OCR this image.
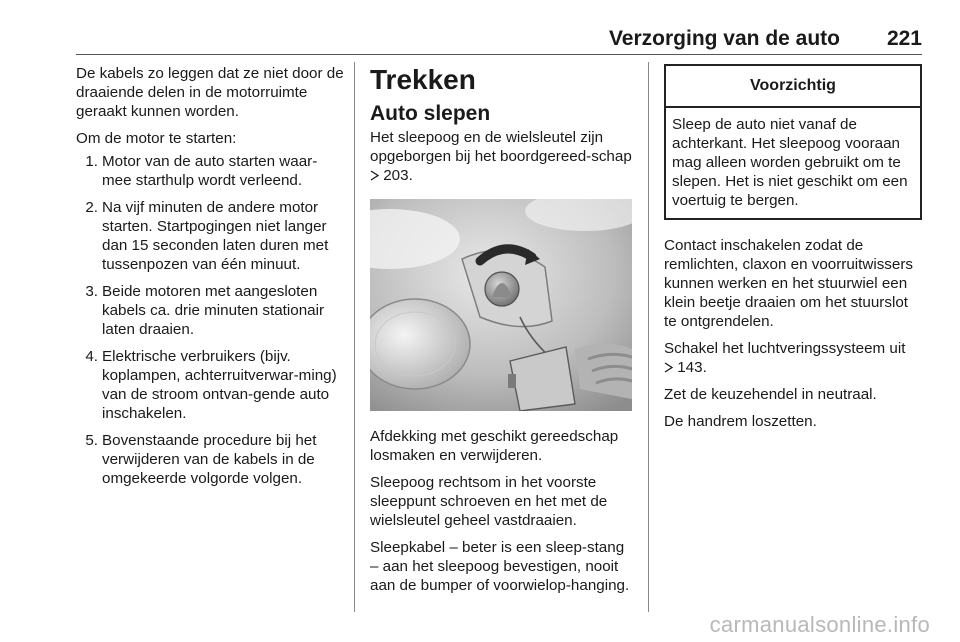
Verzorging van de auto 221

De kabels zo leggen dat ze niet door de draaiende delen in de motorruimte geraakt kunnen worden.

Om de motor te starten:

1. Motor van de auto starten waar-mee starthulp wordt verleend.
2. Na vijf minuten de andere motor starten. Startpogingen niet langer dan 15 seconden laten duren met tussenpozen van één minuut.
3. Beide motoren met aangesloten kabels ca. drie minuten stationair laten draaien.
4. Elektrische verbruikers (bijv. koplampen, achterruitverwar-ming) van de stroom ontvan-gende auto inschakelen.
5. Bovenstaande procedure bij het verwijderen van de kabels in de omgekeerde volgorde volgen.
Trekken
Auto slepen

Het sleepoog en de wielsleutel zijn opgeborgen bij het boordgereed-schap  203.

Afdekking met geschikt gereedschap losmaken en verwijderen.

Sleepoog rechtsom in het voorste sleeppunt schroeven en het met de wielsleutel geheel vastdraaien.

Sleepkabel – beter is een sleep-stang – aan het sleepoog bevestigen, nooit aan de bumper of voorwielop-hanging.

Voorzichtig
Sleep de auto niet vanaf de achterkant. Het sleepoog vooraan mag alleen worden gebruikt om te slepen. Het is niet geschikt om een voertuig te bergen.

Contact inschakelen zodat de remlichten, claxon en voorruitwissers kunnen werken en het stuurwiel een klein beetje draaien om het stuurslot te ontgrendelen.

Schakel het luchtveringssysteem uit
143.

Zet de keuzehendel in neutraal.

De handrem loszetten.

carmanualsonline.info
